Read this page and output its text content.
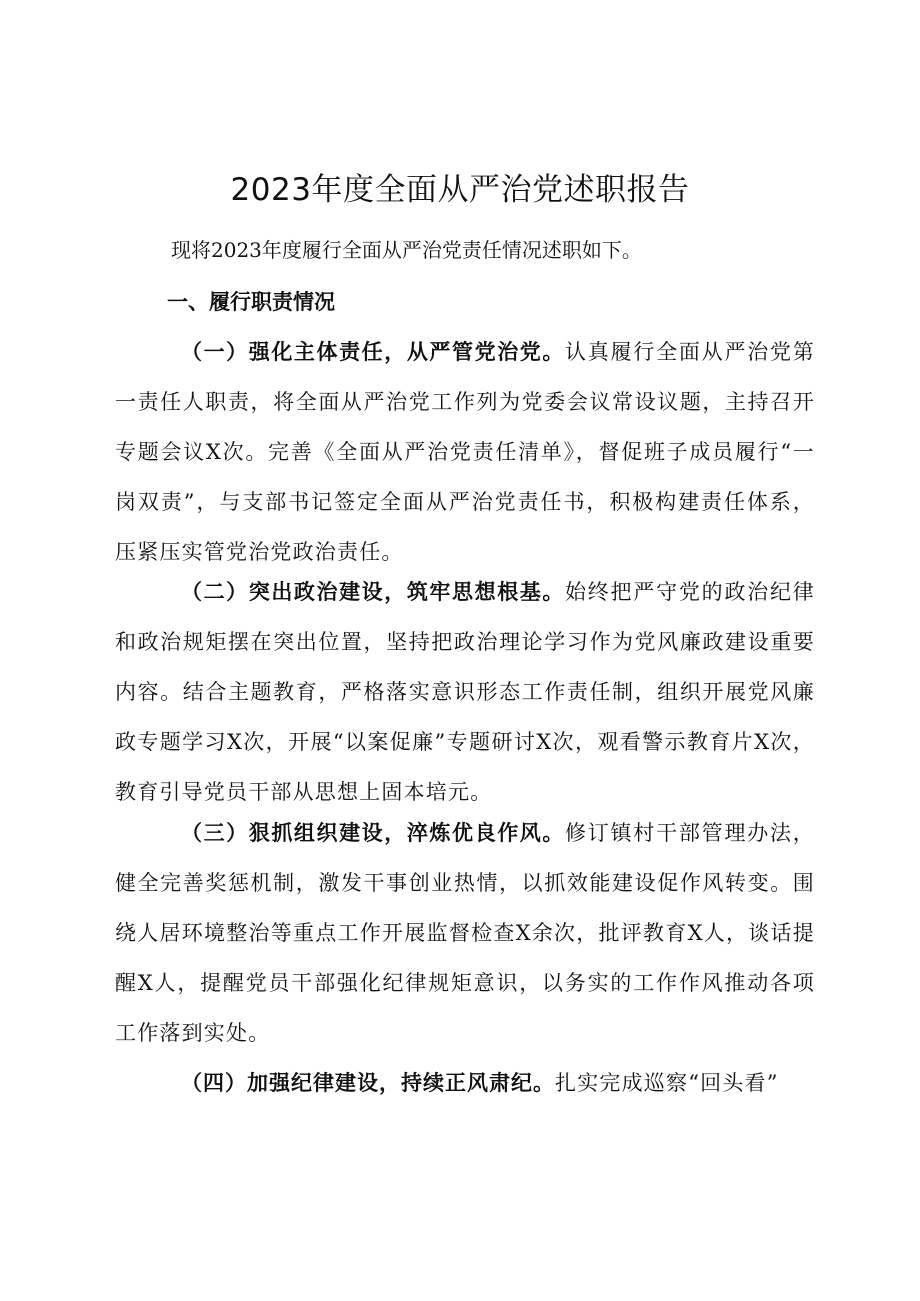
2023年度全面从严治党述职报告

现将2023年度履行全面从严治党责任情况述职如下。

一、履行职责情况

（一）强化主体责任，从严管党治党。认真履行全面从严治党第一责任人职责，将全面从严治党工作列为党委会议常设议题，主持召开专题会议X次。完善《全面从严治党责任清单》，督促班子成员履行“一岗双责”，与支部书记签定全面从严治党责任书，积极构建责任体系，压紧压实管党治党政治责任。

（二）突出政治建设，筑牢思想根基。始终把严守党的政治纪律和政治规矩摆在突出位置，坚持把政治理论学习作为党风廉政建设重要内容。结合主题教育，严格落实意识形态工作责任制，组织开展党风廉政专题学习X次，开展“以案促廉”专题研讨X次，观看警示教育片X次，教育引导党员干部从思想上固本培元。

（三）狠抓组织建设，淬炼优良作风。修订镇村干部管理办法，健全完善奖惩机制，激发干事创业热情，以抓效能建设促作风转变。围绕人居环境整治等重点工作开展监督检查X余次，批评教育X人，谈话提醒X人，提醒党员干部强化纪律规矩意识，以务实的工作作风推动各项工作落到实处。

（四）加强纪律建设，持续正风肃纪。扎实完成巡察“回头看”
